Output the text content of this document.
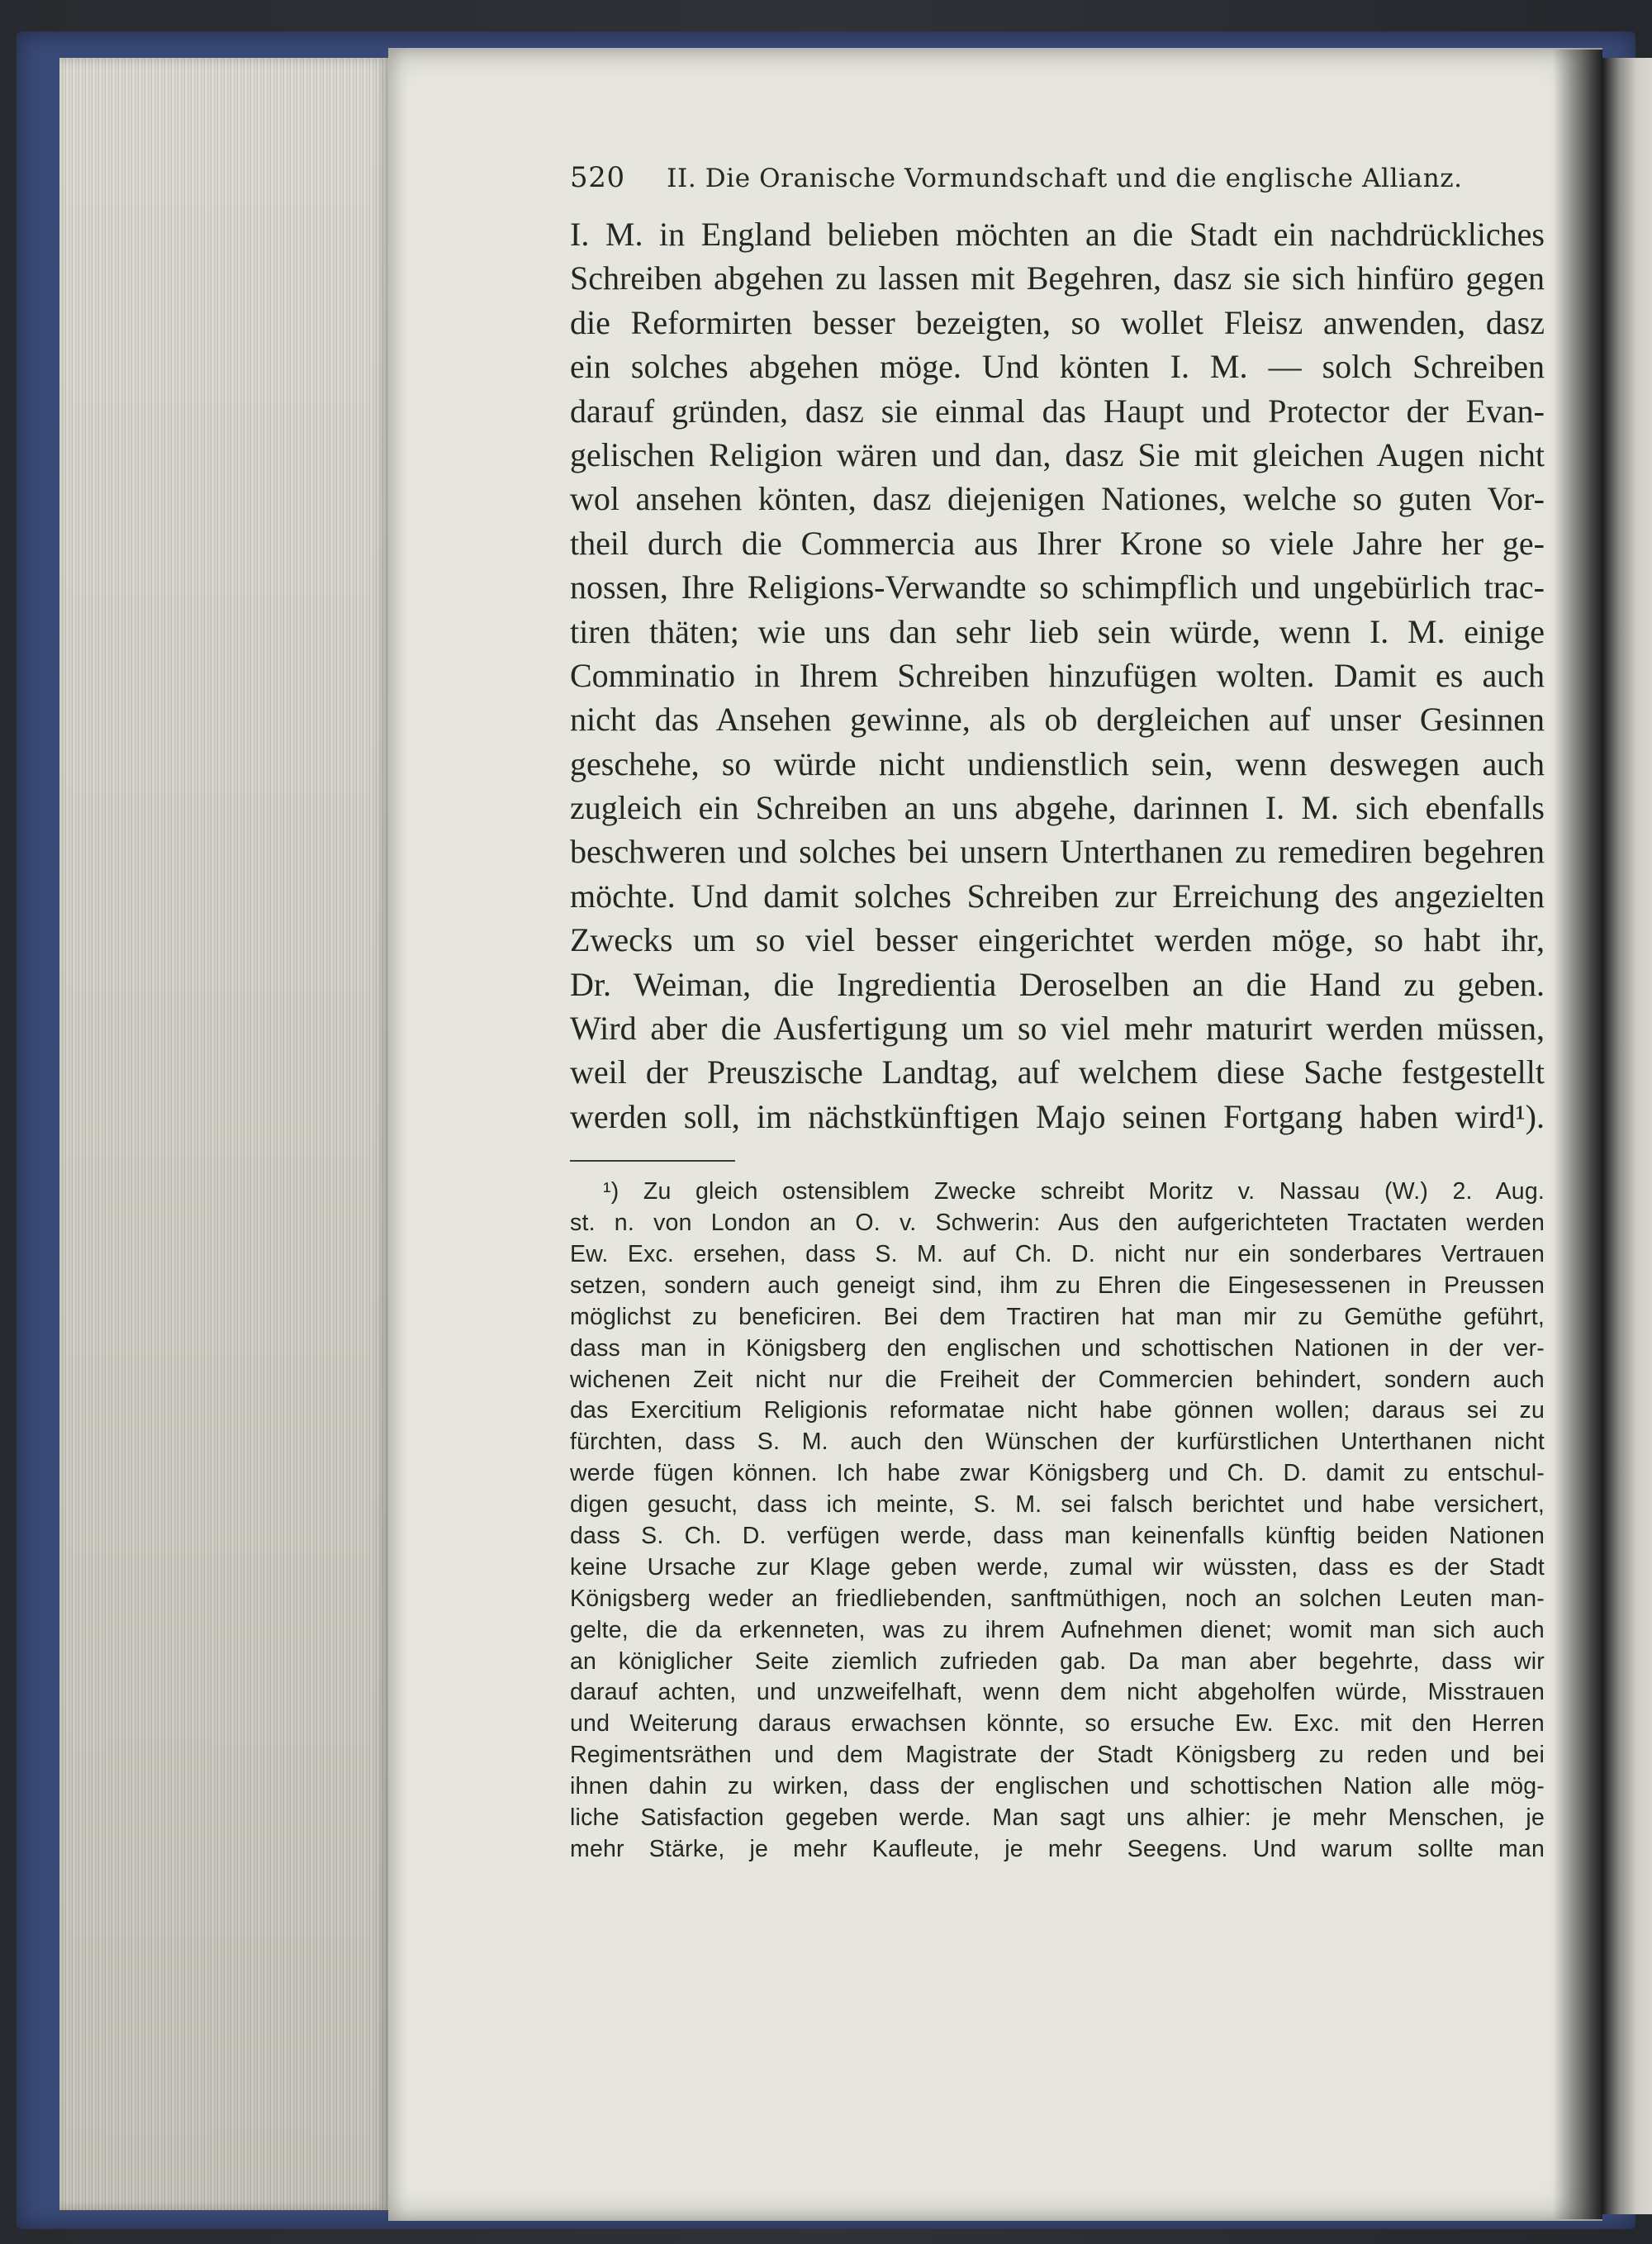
520 II. Die Oranische Vormundschaft und die englische Allianz.
I. M. in England belieben möchten an die Stadt ein nachdrückliches
Schreiben abgehen zu lassen mit Begehren, dasz sie sich hinfüro gegen
die Reformirten besser bezeigten, so wollet Fleisz anwenden, dasz
ein solches abgehen möge. Und könten I. M. — solch Schreiben
darauf gründen, dasz sie einmal das Haupt und Protector der Evan-
gelischen Religion wären und dan, dasz Sie mit gleichen Augen nicht
wol ansehen könten, dasz diejenigen Nationes, welche so guten Vor-
theil durch die Commercia aus Ihrer Krone so viele Jahre her ge-
nossen, Ihre Religions-Verwandte so schimpflich und ungebürlich trac-
tiren thäten; wie uns dan sehr lieb sein würde, wenn I. M. einige
Comminatio in Ihrem Schreiben hinzufügen wolten. Damit es auch
nicht das Ansehen gewinne, als ob dergleichen auf unser Gesinnen
geschehe, so würde nicht undienstlich sein, wenn deswegen auch
zugleich ein Schreiben an uns abgehe, darinnen I. M. sich ebenfalls
beschweren und solches bei unsern Unterthanen zu remediren begehren
möchte. Und damit solches Schreiben zur Erreichung des angezielten
Zwecks um so viel besser eingerichtet werden möge, so habt ihr,
Dr. Weiman, die Ingredientia Deroselben an die Hand zu geben.
Wird aber die Ausfertigung um so viel mehr maturirt werden müssen,
weil der Preuszische Landtag, auf welchem diese Sache festgestellt
werden soll, im nächstkünftigen Majo seinen Fortgang haben wird¹).
¹) Zu gleich ostensiblem Zwecke schreibt Moritz v. Nassau (W.) 2. Aug.
st. n. von London an O. v. Schwerin: Aus den aufgerichteten Tractaten werden
Ew. Exc. ersehen, dass S. M. auf Ch. D. nicht nur ein sonderbares Vertrauen
setzen, sondern auch geneigt sind, ihm zu Ehren die Eingesessenen in Preussen
möglichst zu beneficiren. Bei dem Tractiren hat man mir zu Gemüthe geführt,
dass man in Königsberg den englischen und schottischen Nationen in der ver-
wichenen Zeit nicht nur die Freiheit der Commercien behindert, sondern auch
das Exercitium Religionis reformatae nicht habe gönnen wollen; daraus sei zu
fürchten, dass S. M. auch den Wünschen der kurfürstlichen Unterthanen nicht
werde fügen können. Ich habe zwar Königsberg und Ch. D. damit zu entschul-
digen gesucht, dass ich meinte, S. M. sei falsch berichtet und habe versichert,
dass S. Ch. D. verfügen werde, dass man keinenfalls künftig beiden Nationen
keine Ursache zur Klage geben werde, zumal wir wüssten, dass es der Stadt
Königsberg weder an friedliebenden, sanftmüthigen, noch an solchen Leuten man-
gelte, die da erkenneten, was zu ihrem Aufnehmen dienet; womit man sich auch
an königlicher Seite ziemlich zufrieden gab. Da man aber begehrte, dass wir
darauf achten, und unzweifelhaft, wenn dem nicht abgeholfen würde, Misstrauen
und Weiterung daraus erwachsen könnte, so ersuche Ew. Exc. mit den Herren
Regimentsräthen und dem Magistrate der Stadt Königsberg zu reden und bei
ihnen dahin zu wirken, dass der englischen und schottischen Nation alle mög-
liche Satisfaction gegeben werde. Man sagt uns alhier: je mehr Menschen, je
mehr Stärke, je mehr Kaufleute, je mehr Seegens. Und warum sollte man
